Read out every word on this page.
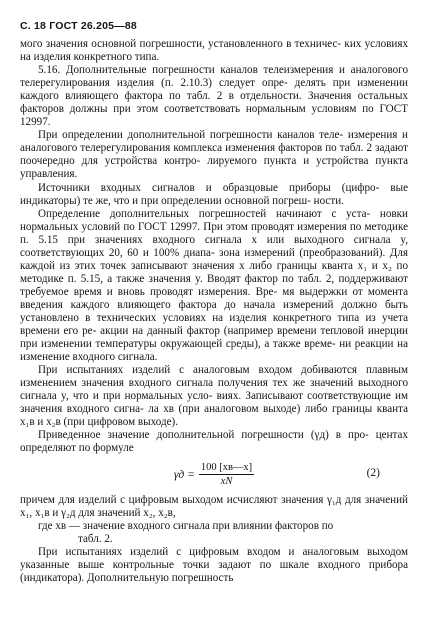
С. 18 ГОСТ 26.205—88

мого значения основной погрешности, установленного в техничес- ких условиях на изделия конкретного типа.

5.16. Дополнительные погрешности каналов телеизмерения и аналогового телерегулирования изделия (п. 2.10.3) следует опре- делять при изменении каждого влияющего фактора по табл. 2 в отдельности. Значения остальных факторов должны при этом соответствовать нормальным условиям по ГОСТ 12997.

При определении дополнительной погрешности каналов теле- измерения и аналогового телерегулирования комплекса изменения факторов по табл. 2 задают поочередно для устройства контро- лируемого пункта и устройства пункта управления.

Источники входных сигналов и образцовые приборы (цифро- вые индикаторы) те же, что и при определении основной погреш- ности.

Определение дополнительных погрешностей начинают с уста- новки нормальных условий по ГОСТ 12997. При этом проводят измерения по методике п. 5.15 при значениях входного сигнала x или выходного сигнала y, соответствующих 20, 60 и 100% диапа- зона измерений (преобразований). Для каждой из этих точек записывают значения x либо границы кванта x₁ и x₂ по методике п. 5.15, а также значения y. Вводят фактор по табл. 2, поддерживают требуемое время и вновь проводят измерения. Вре- мя выдержки от момента введения каждого влияющего фактора до начала измерений должно быть установлено в технических условиях на изделия конкретного типа из учета времени его ре- акции на данный фактор (например времени тепловой инерции при изменении температуры окружающей среды), а также време- ни реакции на изменение входного сигнала.

При испытаниях изделий с аналоговым входом добиваются плавным изменением значения входного сигнала получения тех же значений выходного сигнала y, что и при нормальных усло- виях. Записывают соответствующие им значения входного сигна- ла xв (при аналоговом выходе) либо границы кванта x₁в и x₂в (при цифровом выходе).

Приведенное значение дополнительной погрешности (γд) в про- центах определяют по формуле

$\gamma д = \frac{100 [xв—x]}{xN}$	(2)

причем для изделий с цифровым выходом исчисляют значения γ₁д для значений x₁, x₁в и γ₂д для значений x₂, x₂в,

где xв — значение входного сигнала при влиянии факторов по

табл. 2.

При испытаниях изделий с цифровым входом и аналоговым выходом указанные выше контрольные точки задают по шкале входного прибора (индикатора). Дополнительную погрешность
